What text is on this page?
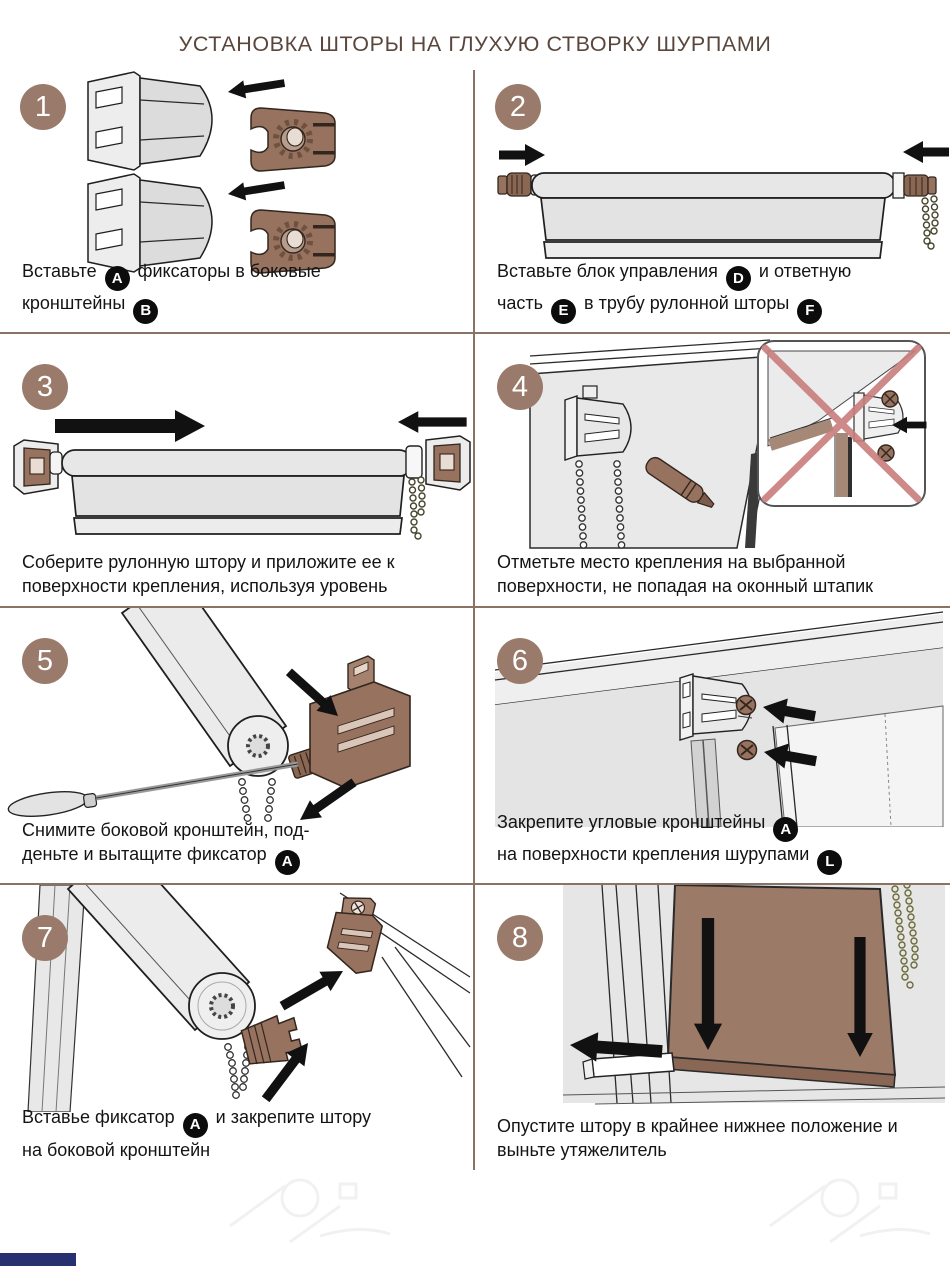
УСТАНОВКА ШТОРЫ НА ГЛУХУЮ СТВОРКУ ШУРПАМИ
1
Вставьте A фиксаторы в боковые
кронштейны B
2
Вставьте блок управления D и ответную
часть E в трубу рулонной шторы F
3
Соберите рулонную штору и приложите ее к
поверхности крепления, используя уровень
4
Отметьте место крепления на выбранной
поверхности, не попадая на оконный штапик
5
Снимите боковой кронштейн, под-
деньте и вытащите фиксатор A
6
Закрепите угловые кронштейны A
на поверхности крепления шурупами L
7
Вставье фиксатор A и закрепите штору
на боковой кронштейн
8
Опустите штору в крайнее нижнее положение и
выньте утяжелитель
